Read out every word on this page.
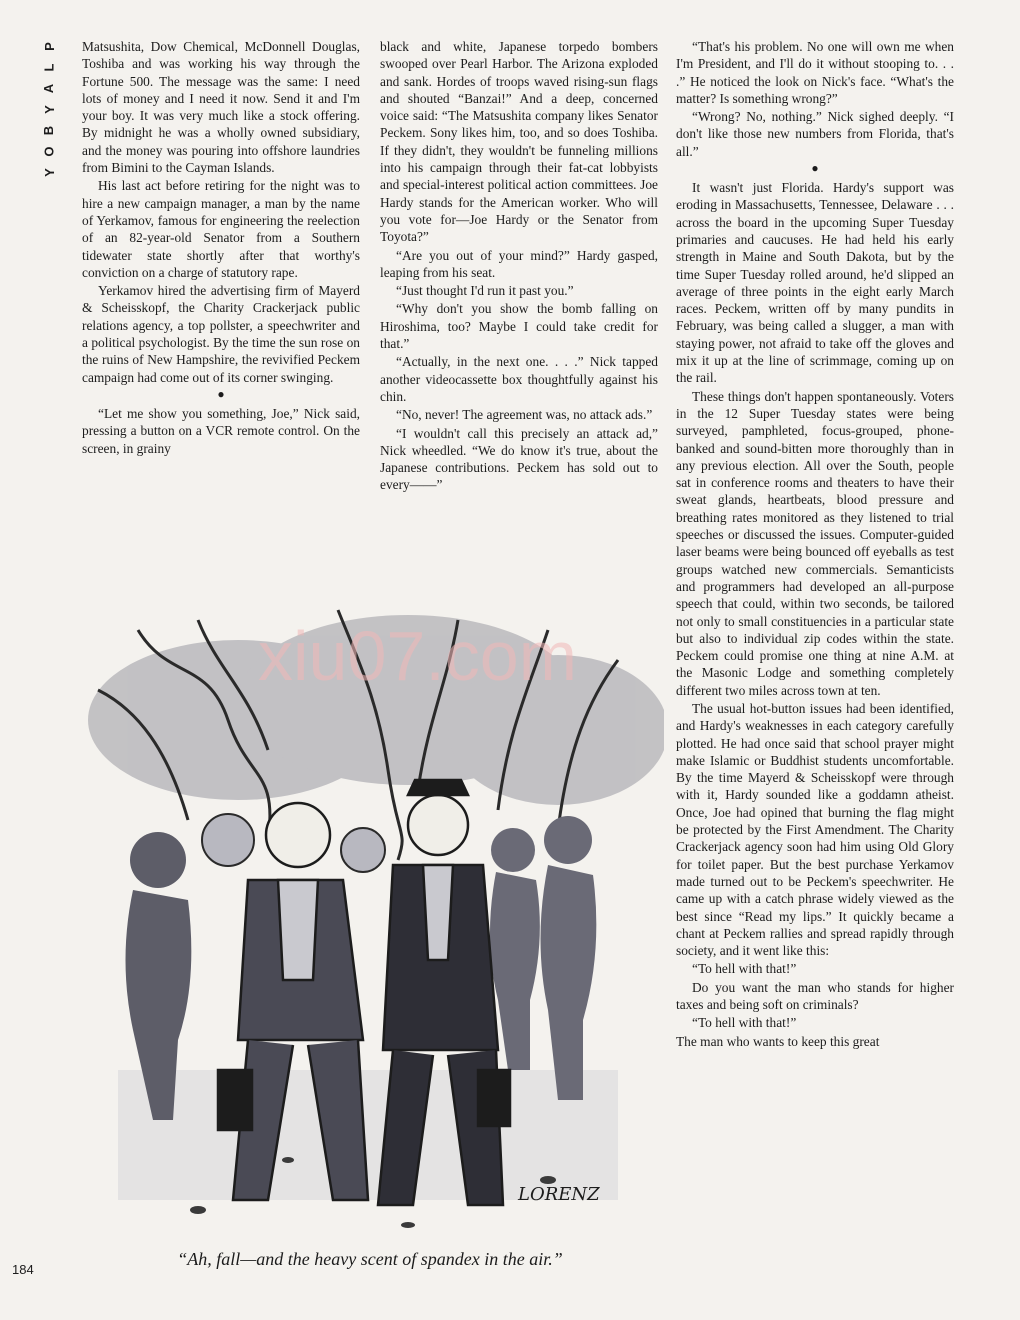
P
L
A
Y
B
O
Y

Matsushita, Dow Chemical, McDonnell Douglas, Toshiba and was working his way through the Fortune 500. The message was the same: I need lots of money and I need it now. Send it and I'm your boy. It was very much like a stock offering. By midnight he was a wholly owned subsidiary, and the money was pouring into offshore laundries from Bimini to the Cayman Islands.

His last act before retiring for the night was to hire a new campaign manager, a man by the name of Yerkamov, famous for engineering the reelection of an 82-year-old Senator from a Southern tidewater state shortly after that worthy's conviction on a charge of statutory rape.

Yerkamov hired the advertising firm of Mayerd & Scheisskopf, the Charity Crackerjack public relations agency, a top pollster, a speechwriter and a political psychologist. By the time the sun rose on the ruins of New Hampshire, the revivified Peckem campaign had come out of its corner swinging.

●

“Let me show you something, Joe,” Nick said, pressing a button on a VCR remote control. On the screen, in grainy

black and white, Japanese torpedo bombers swooped over Pearl Harbor. The Arizona exploded and sank. Hordes of troops waved rising-sun flags and shouted “Banzai!” And a deep, concerned voice said: “The Matsushita company likes Senator Peckem. Sony likes him, too, and so does Toshiba. If they didn't, they wouldn't be funneling millions into his campaign through their fat-cat lobbyists and special-interest political action committees. Joe Hardy stands for the American worker. Who will you vote for—Joe Hardy or the Senator from Toyota?”

“Are you out of your mind?” Hardy gasped, leaping from his seat.

“Just thought I'd run it past you.”

“Why don't you show the bomb falling on Hiroshima, too? Maybe I could take credit for that.”

“Actually, in the next one. . . .” Nick tapped another videocassette box thoughtfully against his chin.

“No, never! The agreement was, no attack ads.”

“I wouldn't call this precisely an attack ad,” Nick wheedled. “We do know it's true, about the Japanese contributions. Peckem has sold out to every——”

“That's his problem. No one will own me when I'm President, and I'll do it without stooping to. . . .” He noticed the look on Nick's face. “What's the matter? Is something wrong?”

“Wrong? No, nothing.” Nick sighed deeply. “I don't like those new numbers from Florida, that's all.”

●

It wasn't just Florida. Hardy's support was eroding in Massachusetts, Tennessee, Delaware . . . across the board in the upcoming Super Tuesday primaries and caucuses. He had held his early strength in Maine and South Dakota, but by the time Super Tuesday rolled around, he'd slipped an average of three points in the eight early March races. Peckem, written off by many pundits in February, was being called a slugger, a man with staying power, not afraid to take off the gloves and mix it up at the line of scrimmage, coming up on the rail.

These things don't happen spontaneously. Voters in the 12 Super Tuesday states were being surveyed, pamphleted, focus-grouped, phone-banked and sound-bitten more thoroughly than in any previous election. All over the South, people sat in conference rooms and theaters to have their sweat glands, heartbeats, blood pressure and breathing rates monitored as they listened to trial speeches or discussed the issues. Computer-guided laser beams were being bounced off eyeballs as test groups watched new commercials. Semanticists and programmers had developed an all-purpose speech that could, within two seconds, be tailored not only to small constituencies in a particular state but also to individual zip codes within the state. Peckem could promise one thing at nine A.M. at the Masonic Lodge and something completely different two miles across town at ten.

The usual hot-button issues had been identified, and Hardy's weaknesses in each category carefully plotted. He had once said that school prayer might make Islamic or Buddhist students uncomfortable. By the time Mayerd & Scheisskopf were through with it, Hardy sounded like a goddamn atheist. Once, Joe had opined that burning the flag might be protected by the First Amendment. The Charity Crackerjack agency soon had him using Old Glory for toilet paper. But the best purchase Yerkamov made turned out to be Peckem's speechwriter. He came up with a catch phrase widely viewed as the best since “Read my lips.” It quickly became a chant at Peckem rallies and spread rapidly through society, and it went like this:

“To hell with that!”

Do you want the man who stands for higher taxes and being soft on criminals?

“To hell with that!”

The man who wants to keep this great

LORENZ
xiu07.com
“Ah, fall—and the heavy scent of spandex in the air.”
184
